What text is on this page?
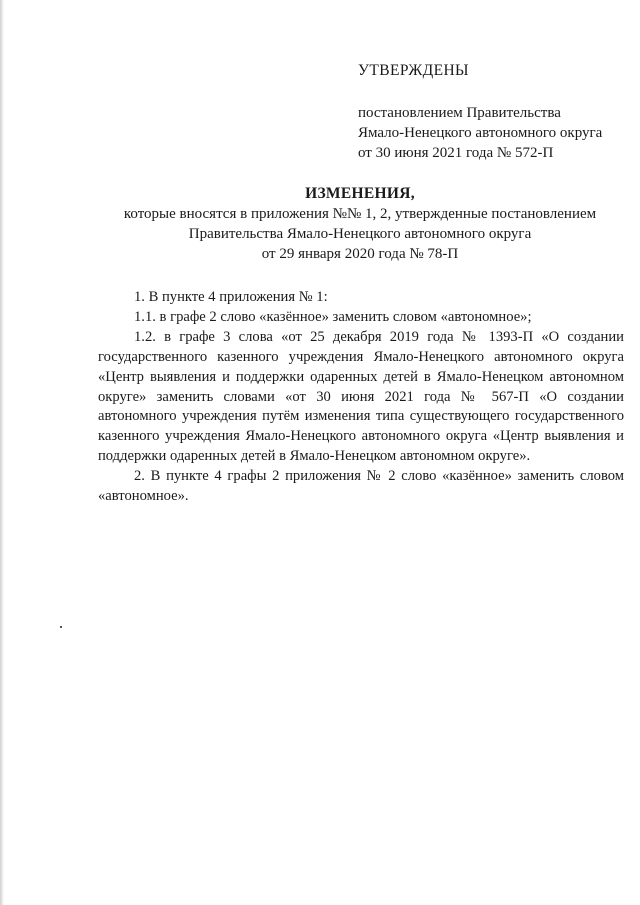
УТВЕРЖДЕНЫ
постановлением Правительства
Ямало-Ненецкого автономного округа
от 30 июня 2021 года № 572-П
ИЗМЕНЕНИЯ,
которые вносятся в приложения №№ 1, 2, утвержденные постановлением
Правительства Ямало-Ненецкого автономного округа
от 29 января 2020 года № 78-П

1. В пункте 4 приложения № 1:

1.1. в графе 2 слово «казённое» заменить словом «автономное»;

1.2. в графе 3 слова «от 25 декабря 2019 года № 1393-П «О создании государственного казенного учреждения Ямало-Ненецкого автономного округа «Центр выявления и поддержки одаренных детей в Ямало-Ненецком автономном округе» заменить словами «от 30 июня 2021 года № 567-П «О создании автономного учреждения путём изменения типа существующего государственного казенного учреждения Ямало-Ненецкого автономного округа «Центр выявления и поддержки одаренных детей в Ямало-Ненецком автономном округе».

2. В пункте 4 графы 2 приложения № 2 слово «казённое» заменить словом «автономное».
